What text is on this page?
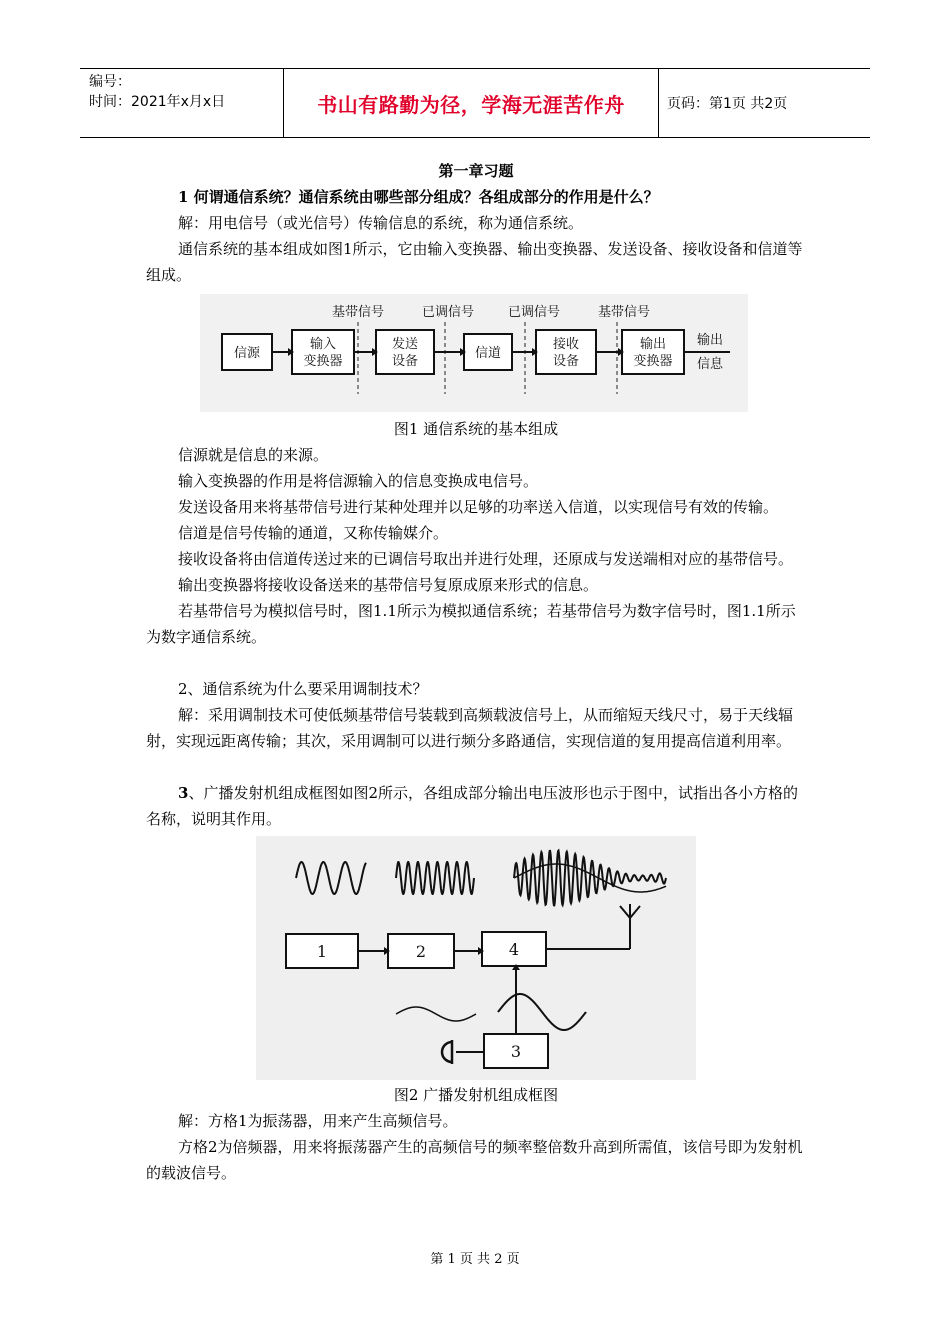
编号：
时间：2021年x月x日	书山有路勤为径，学海无涯苦作舟	页码：第1页 共2页

第一章习题

1 何谓通信系统？通信系统由哪些部分组成？各组成部分的作用是什么？

解：用电信号（或光信号）传输信息的系统，称为通信系统。

通信系统的基本组成如图1所示，它由输入变换器、输出变换器、发送设备、接收设备和信道等组成。

基带信号	已调信号	已调信号	基带信号
信源
输入
变换器
发送
设备
信道
接收
设备
输出
变换器
输出
信息

图1 通信系统的基本组成

信源就是信息的来源。

输入变换器的作用是将信源输入的信息变换成电信号。

发送设备用来将基带信号进行某种处理并以足够的功率送入信道，以实现信号有效的传输。

信道是信号传输的通道，又称传输媒介。

接收设备将由信道传送过来的已调信号取出并进行处理，还原成与发送端相对应的基带信号。

输出变换器将接收设备送来的基带信号复原成原来形式的信息。

若基带信号为模拟信号时，图1.1所示为模拟通信系统；若基带信号为数字信号时，图1.1所示为数字通信系统。

2、通信系统为什么要采用调制技术？

解：采用调制技术可使低频基带信号装载到高频载波信号上，从而缩短天线尺寸，易于天线辐射，实现远距离传输；其次，采用调制可以进行频分多路通信，实现信道的复用提高信道利用率。

3、广播发射机组成框图如图2所示，各组成部分输出电压波形也示于图中，试指出各小方格的名称，说明其作用。

1	2	4
3

图2 广播发射机组成框图

解：方格1为振荡器，用来产生高频信号。

方格2为倍频器，用来将振荡器产生的高频信号的频率整倍数升高到所需值，该信号即为发射机的载波信号。

第 1 页 共 2 页
